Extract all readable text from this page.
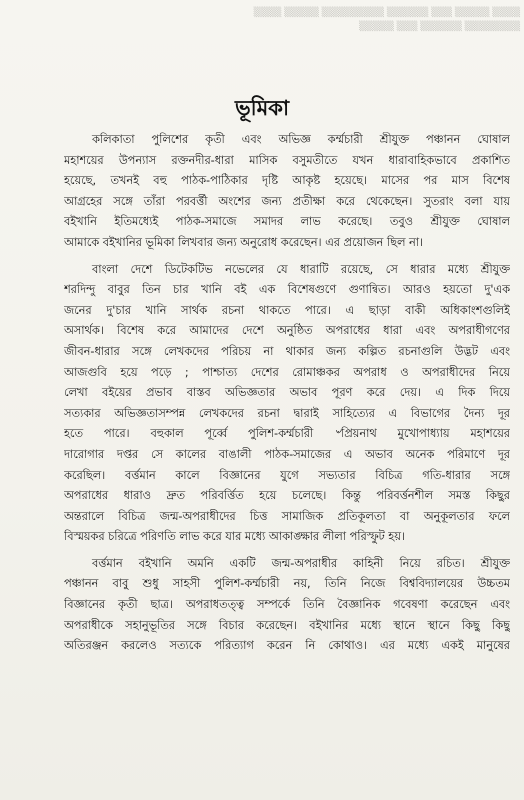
▒▒▒▒ ▒▒▒▒▒ ▒▒▒▒▒▒▒▒▒ ▒▒▒▒▒▒ ▒▒▒ ▒▒▒▒▒ ▒▒▒▒
▒▒▒▒▒ ▒▒▒ ▒▒▒▒▒▒ ▒▒▒▒▒▒▒▒
ভূমিকা
কলিকাতা পুলিশের কৃতী এবং অভিজ্ঞ কর্ম্মচারী শ্রীযুক্ত পঞ্চানন ঘোষাল
মহাশয়ের উপন্যাস রক্তনদীর-ধারা মাসিক বসুমতীতে যখন ধারাবাহিকভাবে প্রকাশিত
হয়েছে, তখনই বহু পাঠক-পাঠিকার দৃষ্টি আকৃষ্ট হয়েছে। মাসের পর মাস বিশেষ
আগ্রহের সঙ্গে তাঁরা পরবর্ত্তী অংশের জন্য প্রতীক্ষা করে থেকেছেন। সুতরাং বলা যায়
বইখানি ইতিমধ্যেই পাঠক-সমাজে সমাদর লাভ করেছে। তবুও শ্রীযুক্ত ঘোষাল
আমাকে বইখানির ভূমিকা লিখবার জন্য অনুরোধ করেছেন। এর প্রয়োজন ছিল না।
বাংলা দেশে ডিটেকটিভ নভেলের যে ধারাটি রয়েছে, সে ধারার মধ্যে শ্রীযুক্ত
শরদিন্দু বাবুর তিন চার খানি বই এক বিশেষগুণে গুণান্বিত। আরও হয়তো দু'এক
জনের দু'চার খানি সার্থক রচনা থাকতে পারে। এ ছাড়া বাকী অধিকাংশগুলিই
অসার্থক। বিশেষ করে আমাদের দেশে অনুষ্ঠিত অপরাধের ধারা এবং অপরাধীগণের
জীবন-ধারার সঙ্গে লেখকদের পরিচয় না থাকার জন্য কল্পিত রচনাগুলি উদ্ভট এবং
আজগুবি হয়ে পড়ে ; পাশ্চাত্য দেশের রোমাঞ্চকর অপরাধ ও অপরাধীদের নিয়ে
লেখা বইয়ের প্রভাব বাস্তব অভিজ্ঞতার অভাব পূরণ করে দেয়। এ দিক দিয়ে
সত্যকার অভিজ্ঞতাসম্পন্ন লেখকদের রচনা দ্বারাই সাহিত্যের এ বিভাগের দৈন্য দূর
হতে পারে। বহুকাল পূর্ব্বে পুলিশ-কর্ম্মচারী ৺প্রিয়নাথ মুখোপাধ্যায় মহাশয়ের
দারোগার দপ্তর সে কালের বাঙালী পাঠক-সমাজের এ অভাব অনেক পরিমাণে দূর
করেছিল। বর্ত্তমান কালে বিজ্ঞানের যুগে সভ্যতার বিচিত্র গতি-ধারার সঙ্গে
অপরাধের ধারাও দ্রুত পরিবর্ত্তিত হয়ে চলেছে। কিন্তু পরিবর্ত্তনশীল সমস্ত কিছুর
অন্তরালে বিচিত্র জন্ম-অপরাধীদের চিত্ত সামাজিক প্রতিকূলতা বা অনুকূলতার ফলে
বিস্ময়কর চরিত্রে পরিণতি লাভ করে যার মধ্যে আকাঙ্ক্ষার লীলা পরিস্ফুট হয়।
বর্ত্তমান বইখানি অমনি একটি জন্ম-অপরাধীর কাহিনী নিয়ে রচিত। শ্রীযুক্ত
পঞ্চানন বাবু শুধু সাহসী পুলিশ-কর্ম্মচারী নয়, তিনি নিজে বিশ্ববিদ্যালয়ের উচ্চতম
বিজ্ঞানের কৃতী ছাত্র। অপরাধতত্ত্ব সম্পর্কে তিনি বৈজ্ঞানিক গবেষণা করেছেন এবং
অপরাধীকে সহানুভূতির সঙ্গে বিচার করেছেন। বইখানির মধ্যে স্থানে স্থানে কিছু কিছু
অতিরঞ্জন করলেও সত্যকে পরিত্যাগ করেন নি কোথাও। এর মধ্যে একই মানুষের
